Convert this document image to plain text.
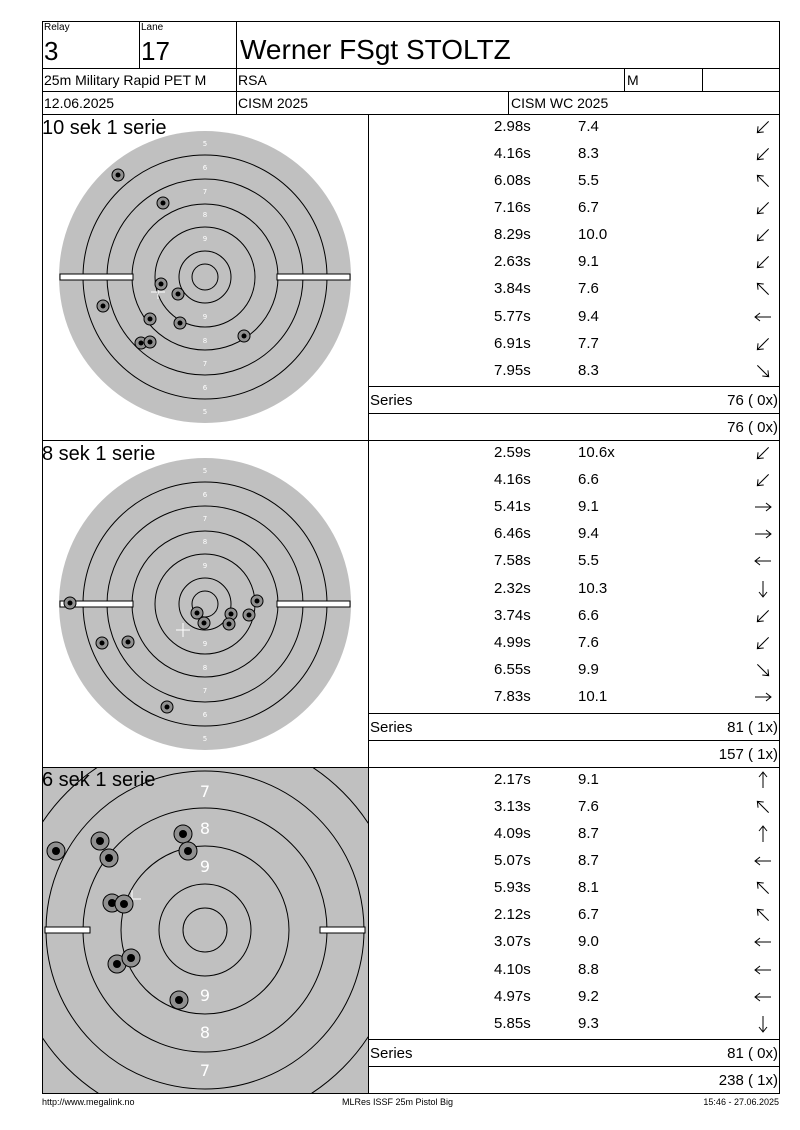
Relay
3
Lane
17	Werner FSgt STOLTZ
25m Military Rapid PET M RSA	M
12.06.2025	CISM 2025	CISM WC 2025
10 sek 1 serie
8 sek 1 serie
5
6
7
8
9
9
8
7
6
5
5
6
7
8
9
9
8
7
6
5
7
8
9
9
8
7
6 sek 1 serie
2.98s	7.4
4.16s	8.3
6.08s	5.5
7.16s	6.7
8.29s	10.0
2.63s	9.1
3.84s	7.6
5.77s	9.4
6.91s	7.7
7.95s	8.3
2.59s	10.6x
4.16s	6.6
5.41s	9.1
6.46s	9.4
7.58s	5.5
2.32s	10.3
3.74s	6.6
4.99s	7.6
6.55s	9.9
7.83s	10.1
2.17s	9.1
3.13s	7.6
4.09s	8.7
5.07s	8.7
5.93s	8.1
2.12s	6.7
3.07s	9.0
4.10s	8.8
4.97s	9.2
5.85s	9.3
Series	76 ( 0x)
76 ( 0x)
Series	81 ( 1x)
157 ( 1x)
Series	81 ( 0x)
238 ( 1x)
http://www.megalink.no	MLRes ISSF 25m Pistol Big	15:46 - 27.06.2025
